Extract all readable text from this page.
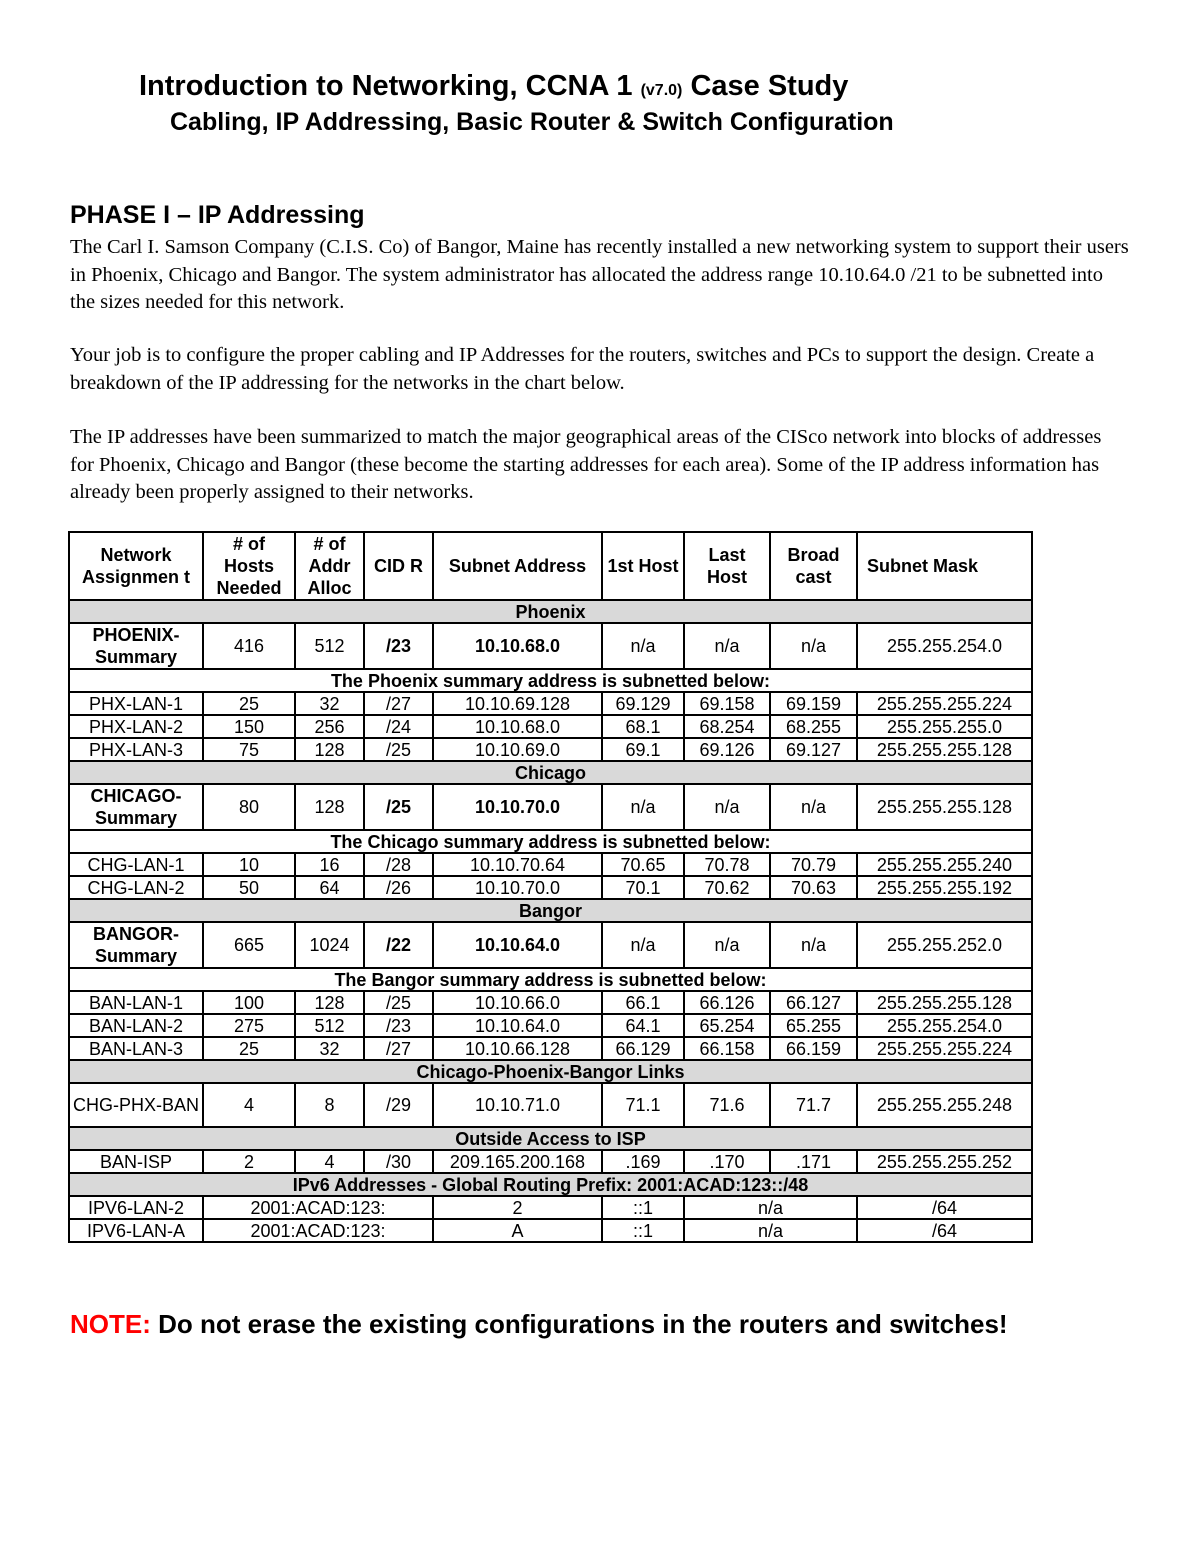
Introduction to Networking, CCNA 1 (v7.0) Case Study
Cabling, IP Addressing, Basic Router & Switch Configuration
PHASE I – IP Addressing

The Carl I. Samson Company (C.I.S. Co) of Bangor, Maine has recently installed a new networking system to support their users in Phoenix, Chicago and Bangor. The system administrator has allocated the address range 10.10.64.0 /21 to be subnetted into the sizes needed for this network.

Your job is to configure the proper cabling and IP Addresses for the routers, switches and PCs to support the design. Create a breakdown of the IP addressing for the networks in the chart below.

The IP addresses have been summarized to match the major geographical areas of the CISco network into blocks of addresses for Phoenix, Chicago and Bangor (these become the starting addresses for each area). Some of the IP address information has already been properly assigned to their networks.

Network Assignmen t	# of Hosts Needed	# of Addr Alloc	CID R	Subnet Address	1st Host	Last Host	Broad cast	Subnet Mask
Phoenix								
PHOENIX-Summary	416	512	/23	10.10.68.0	n/a	n/a	n/a	255.255.254.0
The Phoenix summary address is subnetted below:								
PHX-LAN-1	25	32	/27	10.10.69.128	69.129	69.158	69.159	255.255.255.224
PHX-LAN-2	150	256	/24	10.10.68.0	68.1	68.254	68.255	255.255.255.0
PHX-LAN-3	75	128	/25	10.10.69.0	69.1	69.126	69.127	255.255.255.128
Chicago								
CHICAGO-Summary	80	128	/25	10.10.70.0	n/a	n/a	n/a	255.255.255.128
The Chicago summary address is subnetted below:								
CHG-LAN-1	10	16	/28	10.10.70.64	70.65	70.78	70.79	255.255.255.240
CHG-LAN-2	50	64	/26	10.10.70.0	70.1	70.62	70.63	255.255.255.192
Bangor								
BANGOR-Summary	665	1024	/22	10.10.64.0	n/a	n/a	n/a	255.255.252.0
The Bangor summary address is subnetted below:								
BAN-LAN-1	100	128	/25	10.10.66.0	66.1	66.126	66.127	255.255.255.128
BAN-LAN-2	275	512	/23	10.10.64.0	64.1	65.254	65.255	255.255.254.0
BAN-LAN-3	25	32	/27	10.10.66.128	66.129	66.158	66.159	255.255.255.224
Chicago-Phoenix-Bangor Links								
CHG-PHX-BAN	4	8	/29	10.10.71.0	71.1	71.6	71.7	255.255.255.248
Outside Access to ISP								
BAN-ISP	2	4	/30	209.165.200.168	.169	.170	.171	255.255.255.252
IPv6 Addresses - Global Routing Prefix: 2001:ACAD:123::/48								
IPV6-LAN-2	2001:ACAD:123:			2	::1	n/a		/64
IPV6-LAN-A	2001:ACAD:123:			A	::1	n/a		/64
NOTE: Do not erase the existing configurations in the routers and switches!
